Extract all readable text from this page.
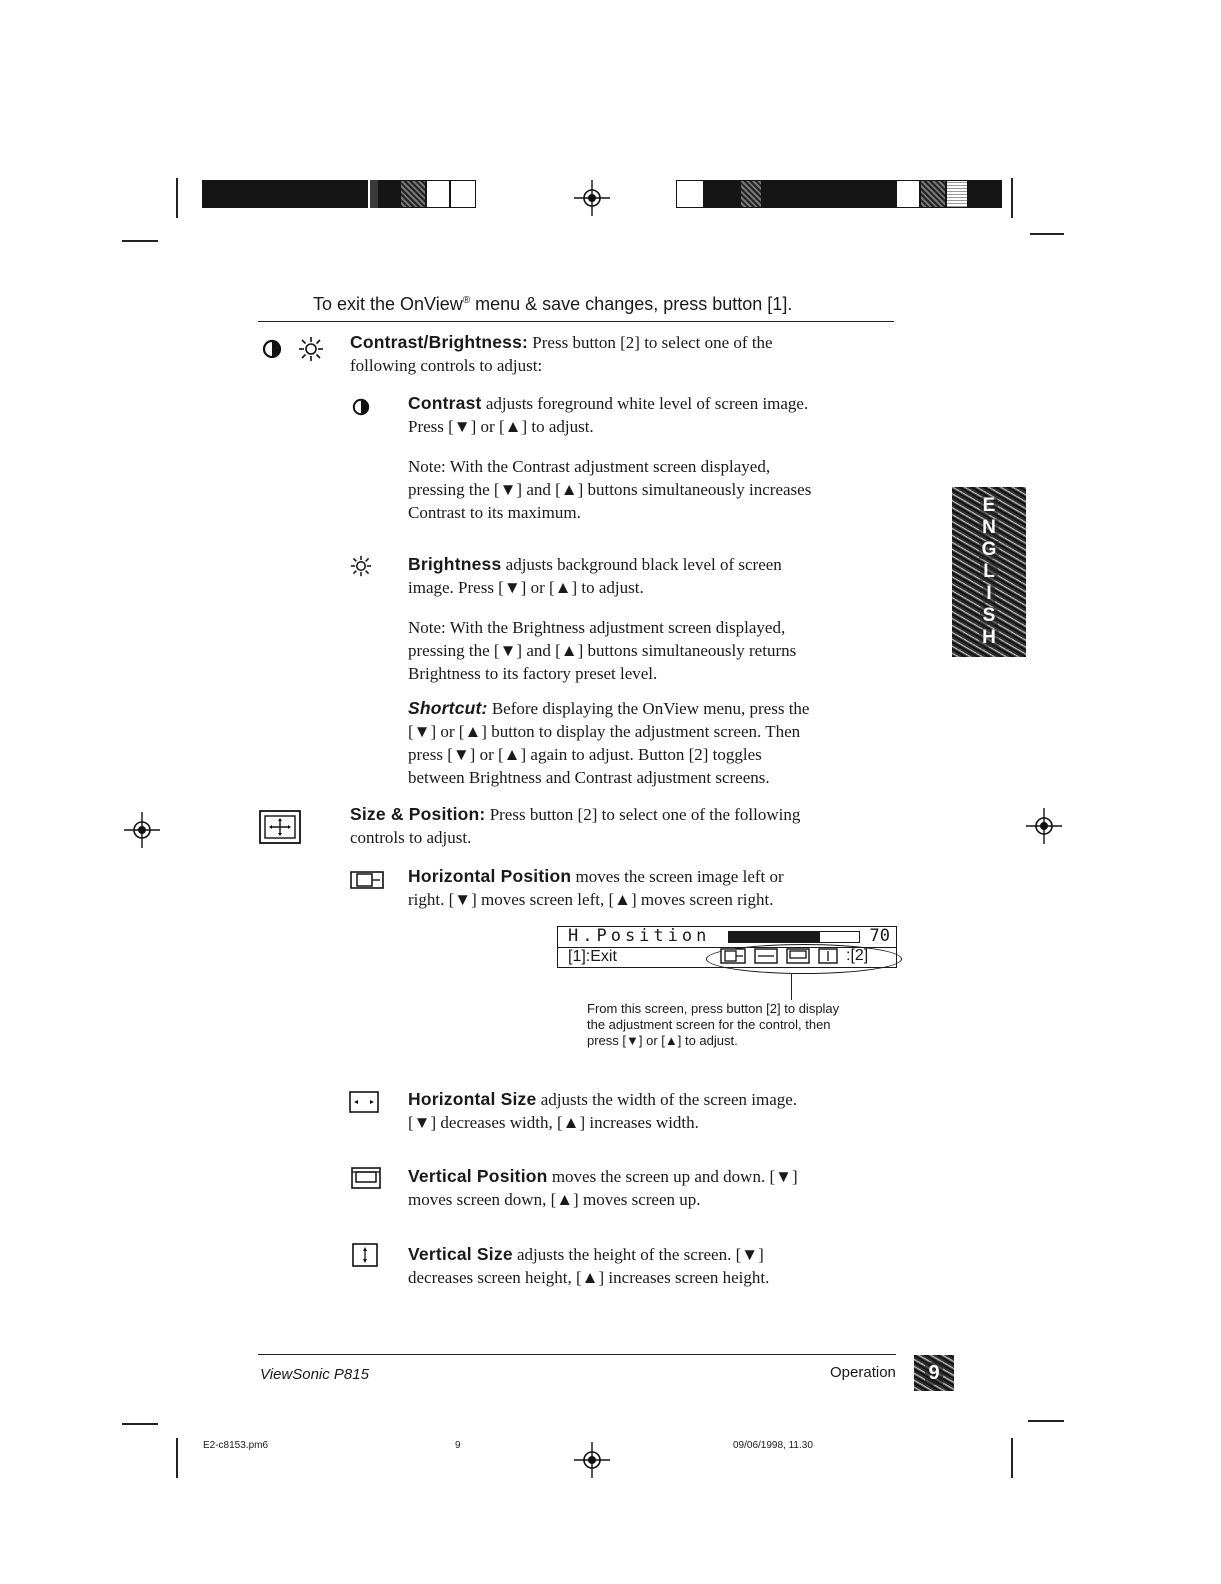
To exit the OnView® menu & save changes, press button [1].
Contrast/Brightness: Press button [2] to select one of the
following controls to adjust:
Contrast adjusts foreground white level of screen image.
Press [▼] or [▲] to adjust.
Note: With the Contrast adjustment screen displayed,
pressing the [▼] and [▲] buttons simultaneously increases
Contrast to its maximum.
Brightness adjusts background black level of screen
image. Press [▼] or [▲] to adjust.
Note: With the Brightness adjustment screen displayed,
pressing the [▼] and [▲] buttons simultaneously returns
Brightness to its factory preset level.
Shortcut: Before displaying the OnView menu, press the
[▼] or [▲] button to display the adjustment screen. Then
press [▼] or [▲] again to adjust. Button [2] toggles
between Brightness and Contrast adjustment screens.
Size & Position: Press button [2] to select one of the following
controls to adjust.
Horizontal Position moves the screen image left or
right. [▼] moves screen left, [▲] moves screen right.
H.Position	70
[1]:Exit	:[2]
From this screen, press button [2] to display
the adjustment screen for the control, then
press [▼] or [▲] to adjust.
Horizontal Size adjusts the width of the screen image.
[▼] decreases width, [▲] increases width.
Vertical Position moves the screen up and down. [▼]
moves screen down, [▲] moves screen up.
Vertical Size adjusts the height of the screen. [▼]
decreases screen height, [▲] increases screen height.
E
N
G
L
I
S
H
ViewSonic P815	Operation 9
E2-c8153.pm6	9	09/06/1998, 11.30
